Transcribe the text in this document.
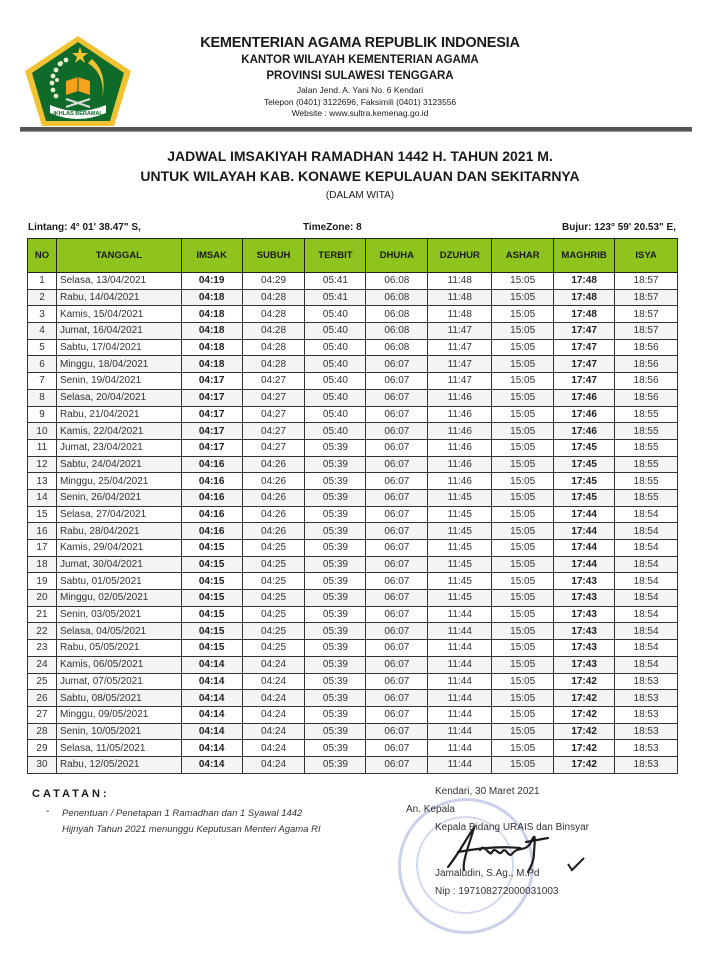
IKHLAS BERAMAL
KEMENTERIAN AGAMA REPUBLIK INDONESIA
KANTOR WILAYAH KEMENTERIAN AGAMA
PROVINSI SULAWESI TENGGARA
Jalan Jend. A. Yani No. 6 Kendari
Telepon (0401) 3122696, Faksimili (0401) 3123556
Website : www.sultra.kemenag.go.id
JADWAL IMSAKIYAH RAMADHAN 1442 H. TAHUN 2021 M.
UNTUK WILAYAH KAB. KONAWE KEPULAUAN DAN SEKITARNYA
(DALAM WITA)
Lintang: 4° 01' 38.47" S,	TimeZone: 8	Bujur: 123° 59' 20.53" E,
NO	TANGGAL	IMSAK	SUBUH	TERBIT	DHUHA	DZUHUR	ASHAR	MAGHRIB	ISYA
1	Selasa, 13/04/2021	04:19	04:29	05:41	06:08	11:48	15:05	17:48	18:57
2	Rabu, 14/04/2021	04:18	04:28	05:41	06:08	11:48	15:05	17:48	18:57
3	Kamis, 15/04/2021	04:18	04:28	05:40	06:08	11:48	15:05	17:48	18:57
4	Jumat, 16/04/2021	04:18	04:28	05:40	06:08	11:47	15:05	17:47	18:57
5	Sabtu, 17/04/2021	04:18	04:28	05:40	06:08	11:47	15:05	17:47	18:56
6	Minggu, 18/04/2021	04:18	04:28	05:40	06:07	11:47	15:05	17:47	18:56
7	Senin, 19/04/2021	04:17	04:27	05:40	06:07	11:47	15:05	17:47	18:56
8	Selasa, 20/04/2021	04:17	04:27	05:40	06:07	11:46	15:05	17:46	18:56
9	Rabu, 21/04/2021	04:17	04:27	05:40	06:07	11:46	15:05	17:46	18:55
10	Kamis, 22/04/2021	04:17	04:27	05:40	06:07	11:46	15:05	17:46	18:55
11	Jumat, 23/04/2021	04:17	04:27	05:39	06:07	11:46	15:05	17:45	18:55
12	Sabtu, 24/04/2021	04:16	04:26	05:39	06:07	11:46	15:05	17:45	18:55
13	Minggu, 25/04/2021	04:16	04:26	05:39	06:07	11:46	15:05	17:45	18:55
14	Senin, 26/04/2021	04:16	04:26	05:39	06:07	11:45	15:05	17:45	18:55
15	Selasa, 27/04/2021	04:16	04:26	05:39	06:07	11:45	15:05	17:44	18:54
16	Rabu, 28/04/2021	04:16	04:26	05:39	06:07	11:45	15:05	17:44	18:54
17	Kamis, 29/04/2021	04:15	04:25	05:39	06:07	11:45	15:05	17:44	18:54
18	Jumat, 30/04/2021	04:15	04:25	05:39	06:07	11:45	15:05	17:44	18:54
19	Sabtu, 01/05/2021	04:15	04:25	05:39	06:07	11:45	15:05	17:43	18:54
20	Minggu, 02/05/2021	04:15	04:25	05:39	06:07	11:45	15:05	17:43	18:54
21	Senin, 03/05/2021	04:15	04:25	05:39	06:07	11:44	15:05	17:43	18:54
22	Selasa, 04/05/2021	04:15	04:25	05:39	06:07	11:44	15:05	17:43	18:54
23	Rabu, 05/05/2021	04:15	04:25	05:39	06:07	11:44	15:05	17:43	18:54
24	Kamis, 06/05/2021	04:14	04:24	05:39	06:07	11:44	15:05	17:43	18:54
25	Jumat, 07/05/2021	04:14	04:24	05:39	06:07	11:44	15:05	17:42	18:53
26	Sabtu, 08/05/2021	04:14	04:24	05:39	06:07	11:44	15:05	17:42	18:53
27	Minggu, 09/05/2021	04:14	04:24	05:39	06:07	11:44	15:05	17:42	18:53
28	Senin, 10/05/2021	04:14	04:24	05:39	06:07	11:44	15:05	17:42	18:53
29	Selasa, 11/05/2021	04:14	04:24	05:39	06:07	11:44	15:05	17:42	18:53
30	Rabu, 12/05/2021	04:14	04:24	05:39	06:07	11:44	15:05	17:42	18:53
CATATAN:
- Penentuan / Penetapan 1 Ramadhan dan 1 Syawal 1442 Hijriyah Tahun 2021 menunggu Keputusan Menteri Agama RI
Kendari, 30 Maret 2021
An. Kepala
Kepala Bidang URAIS dan Binsyar
Jamaludin, S.Ag., M.Pd
Nip : 197108272000031003
